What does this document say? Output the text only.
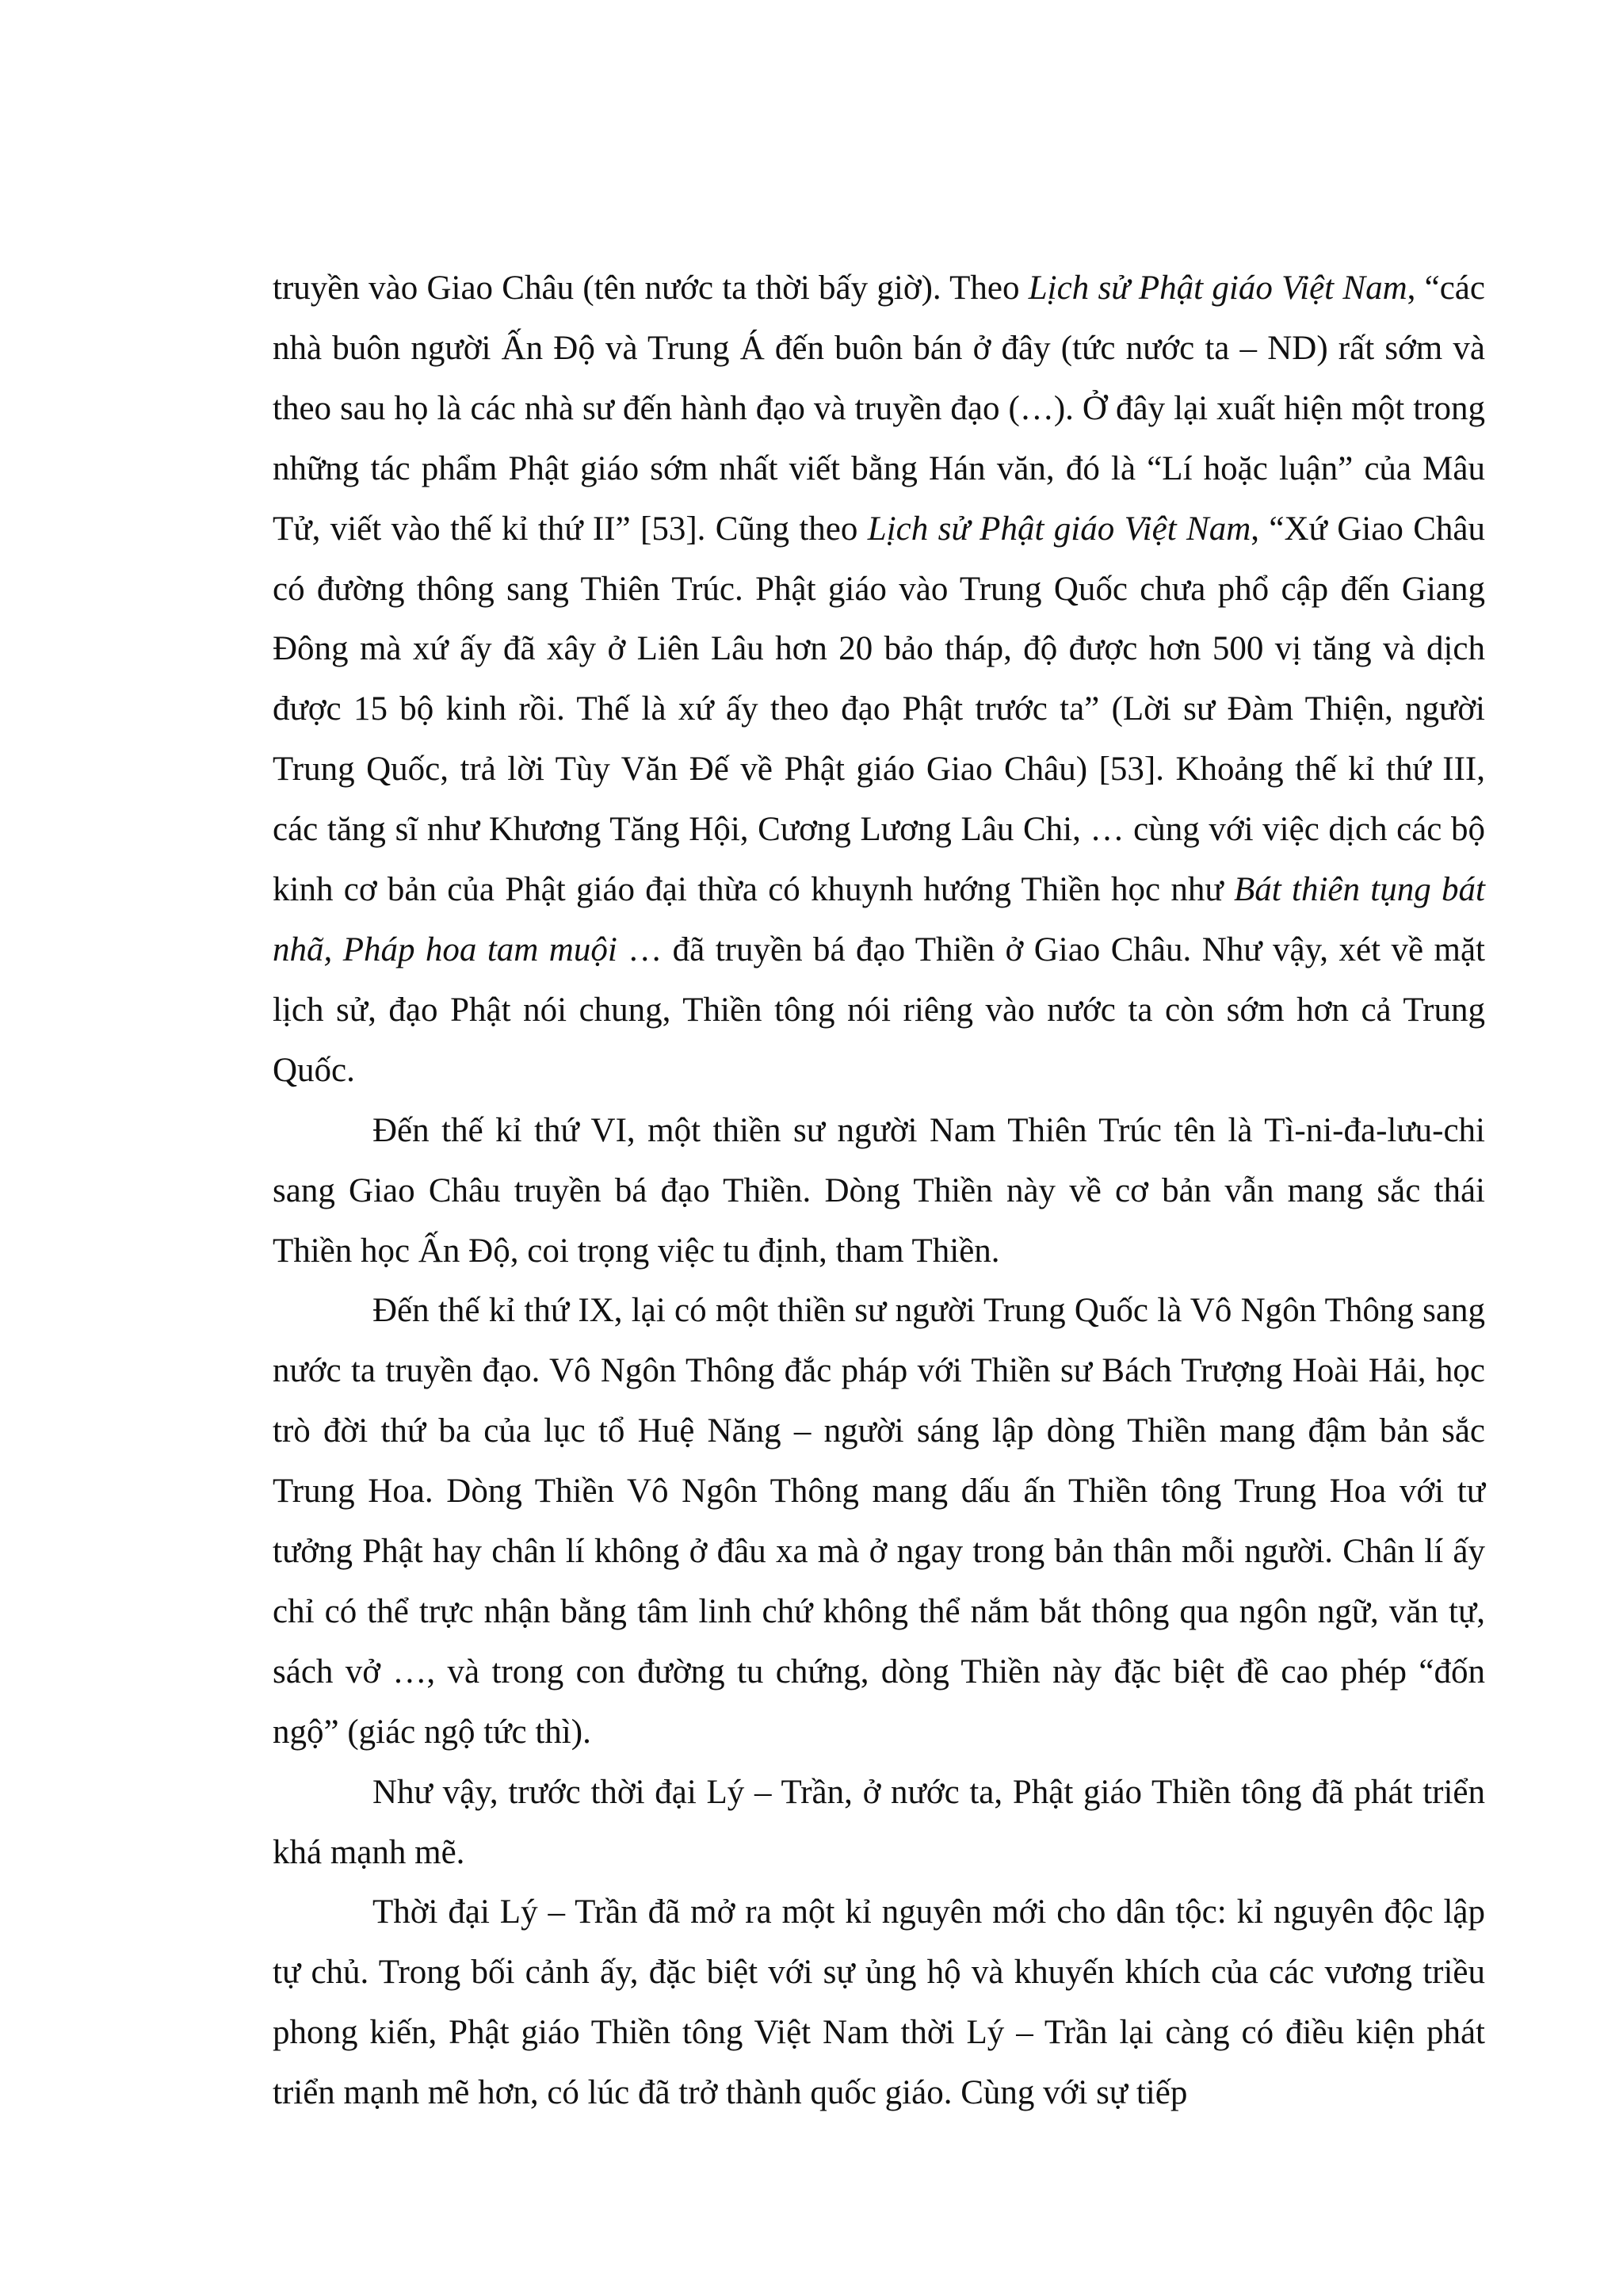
truyền vào Giao Châu (tên nước ta thời bấy giờ). Theo Lịch sử Phật giáo Việt Nam, “các nhà buôn người Ấn Độ và Trung Á đến buôn bán ở đây (tức nước ta – ND) rất sớm và theo sau họ là các nhà sư đến hành đạo và truyền đạo (…). Ở đây lại xuất hiện một trong những tác phẩm Phật giáo sớm nhất viết bằng Hán văn, đó là “Lí hoặc luận” của Mâu Tử, viết vào thế kỉ thứ II” [53]. Cũng theo Lịch sử Phật giáo Việt Nam, “Xứ Giao Châu có đường thông sang Thiên Trúc. Phật giáo vào Trung Quốc chưa phổ cập đến Giang Đông mà xứ ấy đã xây ở Liên Lâu hơn 20 bảo tháp, độ được hơn 500 vị tăng và dịch được 15 bộ kinh rồi. Thế là xứ ấy theo đạo Phật trước ta” (Lời sư Đàm Thiện, người Trung Quốc, trả lời Tùy Văn Đế về Phật giáo Giao Châu) [53]. Khoảng thế kỉ thứ III, các tăng sĩ như Khương Tăng Hội, Cương Lương Lâu Chi, … cùng với việc dịch các bộ kinh cơ bản của Phật giáo đại thừa có khuynh hướng Thiền học như Bát thiên tụng bát nhã, Pháp hoa tam muội … đã truyền bá đạo Thiền ở Giao Châu. Như vậy, xét về mặt lịch sử, đạo Phật nói chung, Thiền tông nói riêng vào nước ta còn sớm hơn cả Trung Quốc.

Đến thế kỉ thứ VI, một thiền sư người Nam Thiên Trúc tên là Tì-ni-đa-lưu-chi sang Giao Châu truyền bá đạo Thiền. Dòng Thiền này về cơ bản vẫn mang sắc thái Thiền học Ấn Độ, coi trọng việc tu định, tham Thiền.

Đến thế kỉ thứ IX, lại có một thiền sư người Trung Quốc là Vô Ngôn Thông sang nước ta truyền đạo. Vô Ngôn Thông đắc pháp với Thiền sư Bách Trượng Hoài Hải, học trò đời thứ ba của lục tổ Huệ Năng – người sáng lập dòng Thiền mang đậm bản sắc Trung Hoa. Dòng Thiền Vô Ngôn Thông mang dấu ấn Thiền tông Trung Hoa với tư tưởng Phật hay chân lí không ở đâu xa mà ở ngay trong bản thân mỗi người. Chân lí ấy chỉ có thể trực nhận bằng tâm linh chứ không thể nắm bắt thông qua ngôn ngữ, văn tự, sách vở …, và trong con đường tu chứng, dòng Thiền này đặc biệt đề cao phép “đốn ngộ” (giác ngộ tức thì).

Như vậy, trước thời đại Lý – Trần, ở nước ta, Phật giáo Thiền tông đã phát triển khá mạnh mẽ.

Thời đại Lý – Trần đã mở ra một kỉ nguyên mới cho dân tộc: kỉ nguyên độc lập tự chủ. Trong bối cảnh ấy, đặc biệt với sự ủng hộ và khuyến khích của các vương triều phong kiến, Phật giáo Thiền tông Việt Nam thời Lý – Trần lại càng có điều kiện phát triển mạnh mẽ hơn, có lúc đã trở thành quốc giáo. Cùng với sự tiếp
